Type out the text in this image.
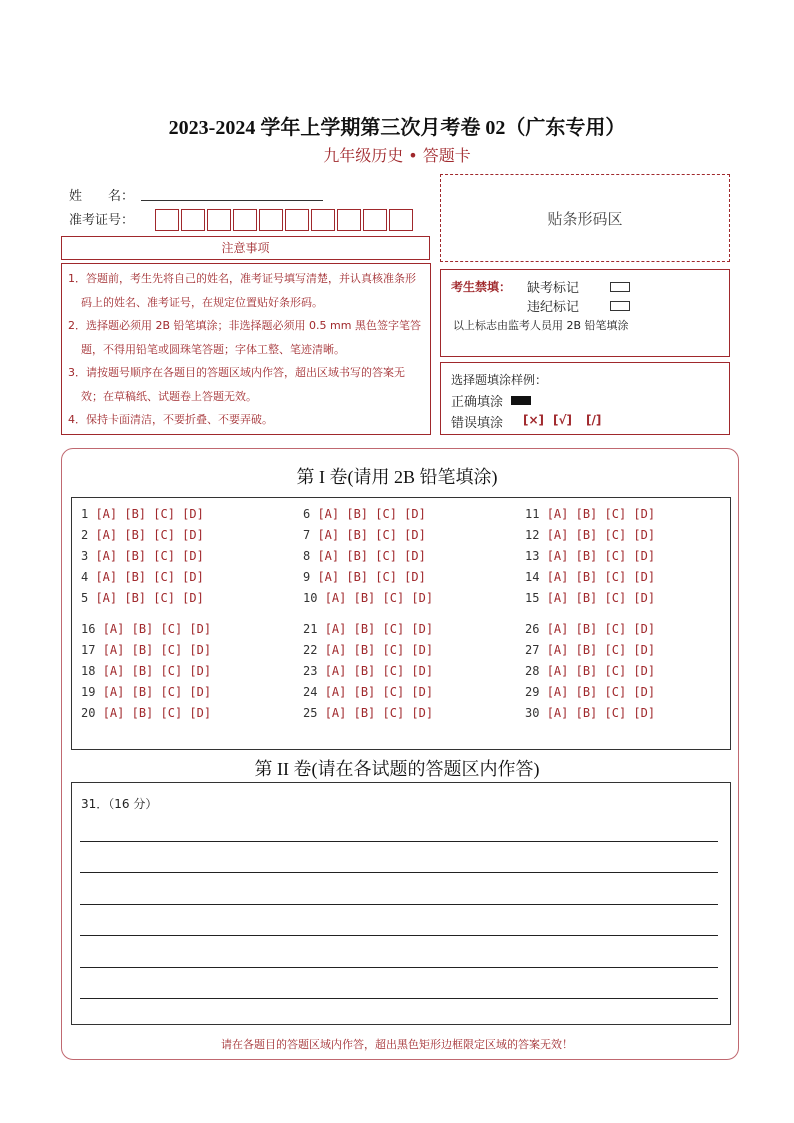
2023-2024 学年上学期第三次月考卷 02（广东专用）
九年级历史 • 答题卡
姓　　名：
准考证号：	贴条形码区
注意事项

1．答题前，考生先将自己的姓名，准考证号填写清楚，并认真核准条形码上的姓名、准考证号，在规定位置贴好条形码。

2．选择题必须用 2B 铅笔填涂；非选择题必须用 0.5 mm 黑色签字笔答题，不得用铅笔或圆珠笔答题；字体工整、笔迹清晰。

3．请按题号顺序在各题目的答题区域内作答，超出区域书写的答案无效；在草稿纸、试题卷上答题无效。

4．保持卡面清洁，不要折叠、不要弄破。

考生禁填： 缺考标记
违纪标记
以上标志由监考人员用 2B 铅笔填涂
选择题填涂样例：
正确填涂
错误填涂 [×] [√] [/]
第 I 卷(请用 2B 铅笔填涂)
1 [A] [B] [C] [D]
2 [A] [B] [C] [D]
3 [A] [B] [C] [D]
4 [A] [B] [C] [D]
5 [A] [B] [C] [D]
6 [A] [B] [C] [D]
7 [A] [B] [C] [D]
8 [A] [B] [C] [D]
9 [A] [B] [C] [D]
10 [A] [B] [C] [D]
11 [A] [B] [C] [D]
12 [A] [B] [C] [D]
13 [A] [B] [C] [D]
14 [A] [B] [C] [D]
15 [A] [B] [C] [D]
16 [A] [B] [C] [D]
17 [A] [B] [C] [D]
18 [A] [B] [C] [D]
19 [A] [B] [C] [D]
20 [A] [B] [C] [D]
21 [A] [B] [C] [D]
22 [A] [B] [C] [D]
23 [A] [B] [C] [D]
24 [A] [B] [C] [D]
25 [A] [B] [C] [D]
26 [A] [B] [C] [D]
27 [A] [B] [C] [D]
28 [A] [B] [C] [D]
29 [A] [B] [C] [D]
30 [A] [B] [C] [D]
第 II 卷(请在各试题的答题区内作答)
31．（16 分）
请在各题目的答题区域内作答，超出黑色矩形边框限定区域的答案无效！
